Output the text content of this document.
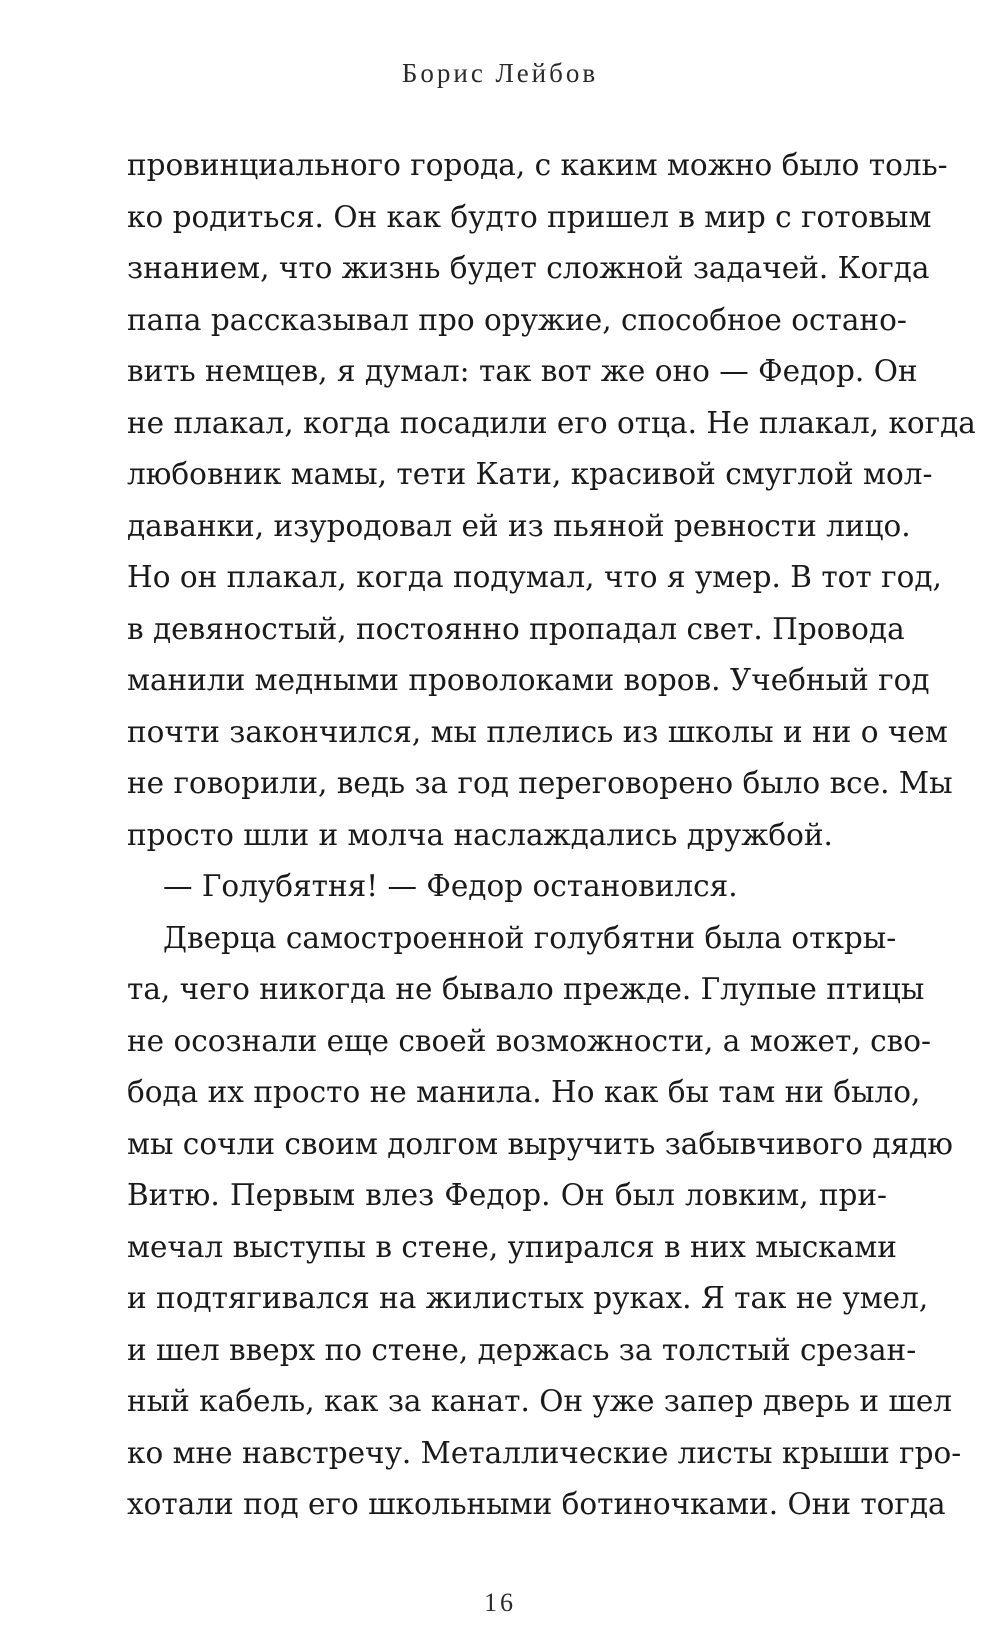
Борис Лейбов
провинциального города, с каким можно было толь-
ко родиться. Он как будто пришел в мир с готовым
знанием, что жизнь будет сложной задачей. Когда
папа рассказывал про оружие, способное остано-
вить немцев, я думал: так вот же оно — Федор. Он
не плакал, когда посадили его отца. Не плакал, когда
любовник мамы, тети Кати, красивой смуглой мол-
даванки, изуродовал ей из пьяной ревности лицо.
Но он плакал, когда подумал, что я умер. В тот год,
в девяностый, постоянно пропадал свет. Провода
манили медными проволоками воров. Учебный год
почти закончился, мы плелись из школы и ни о чем
не говорили, ведь за год переговорено было все. Мы
просто шли и молча наслаждались дружбой.
— Голубятня! — Федор остановился.
Дверца самостроенной голубятни была откры-
та, чего никогда не бывало прежде. Глупые птицы
не осознали еще своей возможности, а может, сво-
бода их просто не манила. Но как бы там ни было,
мы сочли своим долгом выручить забывчивого дядю
Витю. Первым влез Федор. Он был ловким, при-
мечал выступы в стене, упирался в них мысками
и подтягивался на жилистых руках. Я так не умел,
и шел вверх по стене, держась за толстый срезан-
ный кабель, как за канат. Он уже запер дверь и шел
ко мне навстречу. Металлические листы крыши гро-
хотали под его школьными ботиночками. Они тогда
16
